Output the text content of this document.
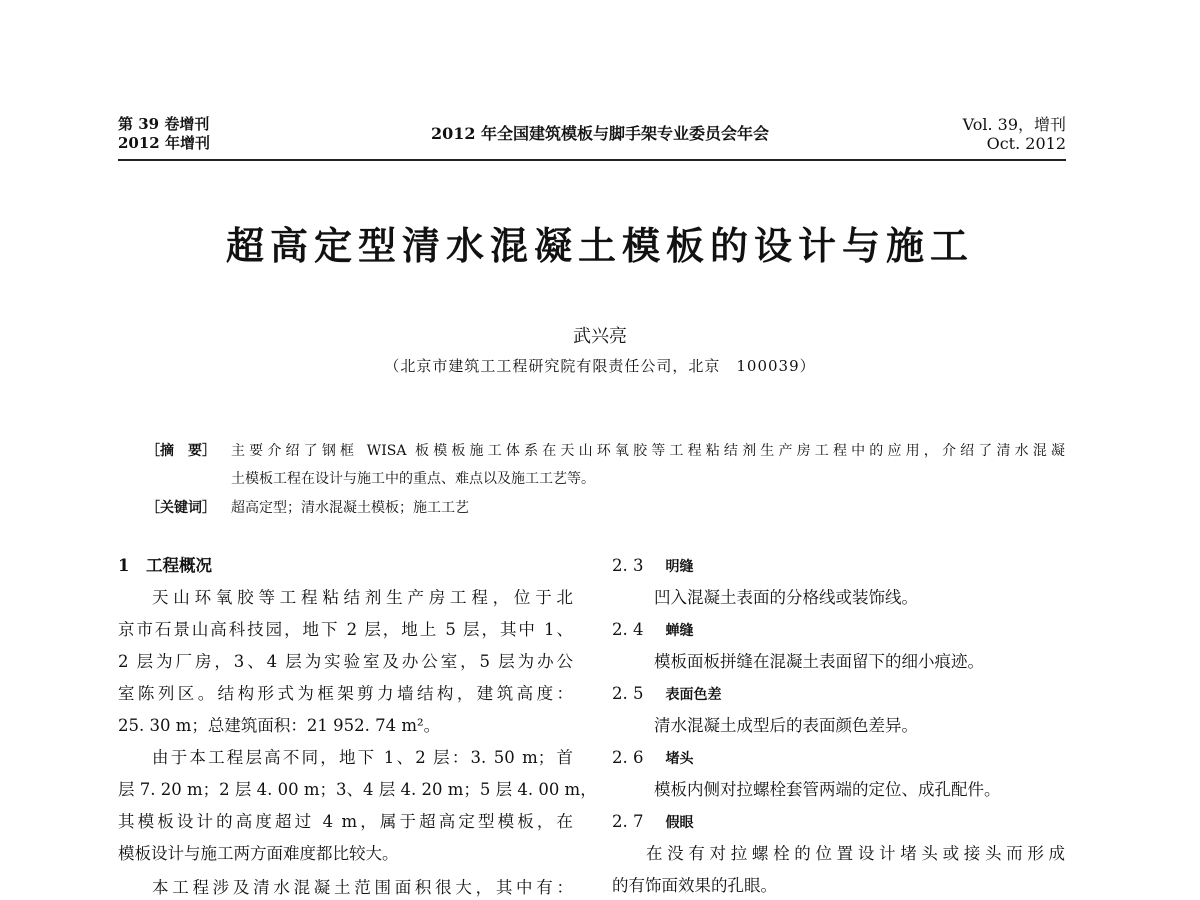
第 39 卷增刊
2012 年增刊	2012 年全国建筑模板与脚手架专业委员会年会	Vol. 39，增刊
Oct. 2012
超高定型清水混凝土模板的设计与施工
武兴亮
（北京市建筑工工程研究院有限责任公司，北京　100039）
［摘　要］ 主要介绍了钢框 WISA 板模板施工体系在天山环氧胶等工程粘结剂生产房工程中的应用，介绍了清水混凝
土模板工程在设计与施工中的重点、难点以及施工工艺等。
［关键词］ 超高定型；清水混凝土模板；施工工艺
1　工程概况
天山环氧胶等工程粘结剂生产房工程，位于北
京市石景山高科技园，地下 2 层，地上 5 层，其中 1、
2 层为厂房，3、4 层为实验室及办公室，5 层为办公
室陈列区。结构形式为框架剪力墙结构，建筑高度：
25. 30 m；总建筑面积：21 952. 74 m²。
由于本工程层高不同，地下 1、2 层：3. 50 m；首
层 7. 20 m；2 层 4. 00 m；3、4 层 4. 20 m；5 层 4. 00 m，
其模板设计的高度超过 4 m，属于超高定型模板，在
模板设计与施工两方面难度都比较大。
本工程涉及清水混凝土范围面积很大，其中有：
2. 3 明缝
凹入混凝土表面的分格线或装饰线。
2. 4 蝉缝
模板面板拼缝在混凝土表面留下的细小痕迹。
2. 5 表面色差
清水混凝土成型后的表面颜色差异。
2. 6 堵头
模板内侧对拉螺栓套管两端的定位、成孔配件。
2. 7 假眼
在没有对拉螺栓的位置设计堵头或接头而形成
的有饰面效果的孔眼。
